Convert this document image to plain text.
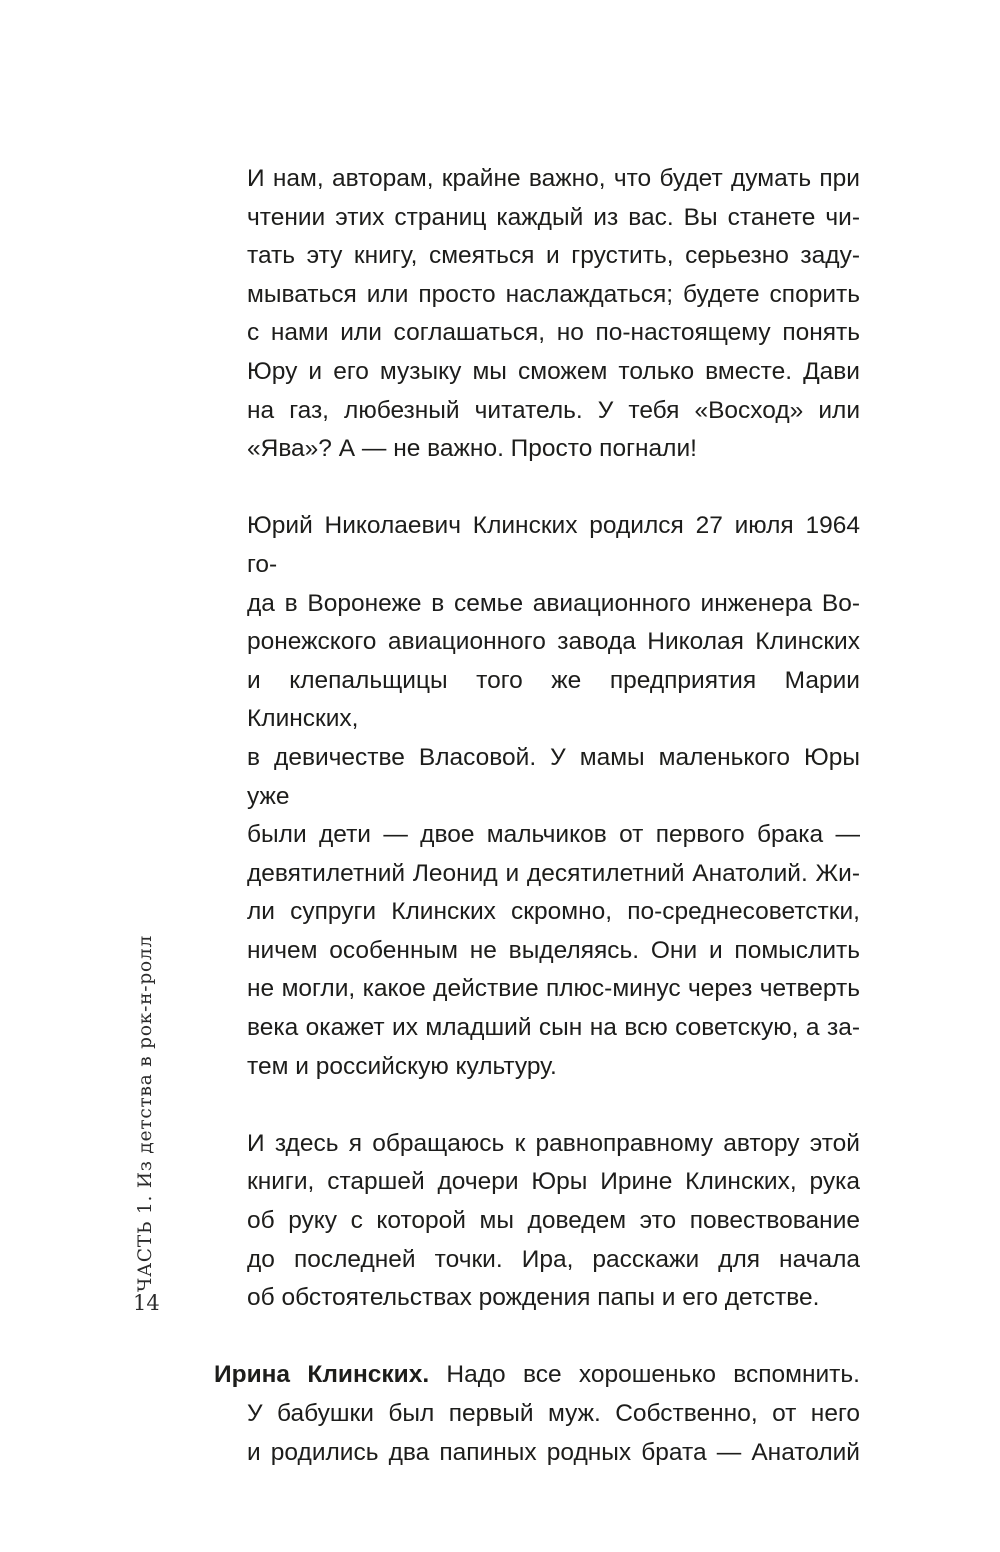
ЧАСТЬ 1. Из детства в рок-н-ролл
14
И нам, авторам, крайне важно, что будет думать при
чтении этих страниц каждый из вас. Вы станете чи-
тать эту книгу, смеяться и грустить, серьезно заду-
мываться или просто наслаждаться; будете спорить
с нами или соглашаться, но по-настоящему понять
Юру и его музыку мы сможем только вместе. Дави
на газ, любезный читатель. У тебя «Восход» или
«Ява»? А — не важно. Просто погнали!
Юрий Николаевич Клинских родился 27 июля 1964 го-
да в Воронеже в семье авиационного инженера Во-
ронежского авиационного завода Николая Клинских
и клепальщицы того же предприятия Марии Клинских,
в девичестве Власовой. У мамы маленького Юры уже
были дети — двое мальчиков от первого брака —
девятилетний Леонид и десятилетний Анатолий. Жи-
ли супруги Клинских скромно, по-среднесоветстки,
ничем особенным не выделяясь. Они и помыслить
не могли, какое действие плюс-минус через четверть
века окажет их младший сын на всю советскую, а за-
тем и российскую культуру.
И здесь я обращаюсь к равноправному автору этой
книги, старшей дочери Юры Ирине Клинских, рука
об руку с которой мы доведем это повествование
до последней точки. Ира, расскажи для начала
об обстоятельствах рождения папы и его детстве.
Ирина Клинских. Надо все хорошенько вспомнить.
У бабушки был первый муж. Собственно, от него
и родились два папиных родных брата — Анатолий
